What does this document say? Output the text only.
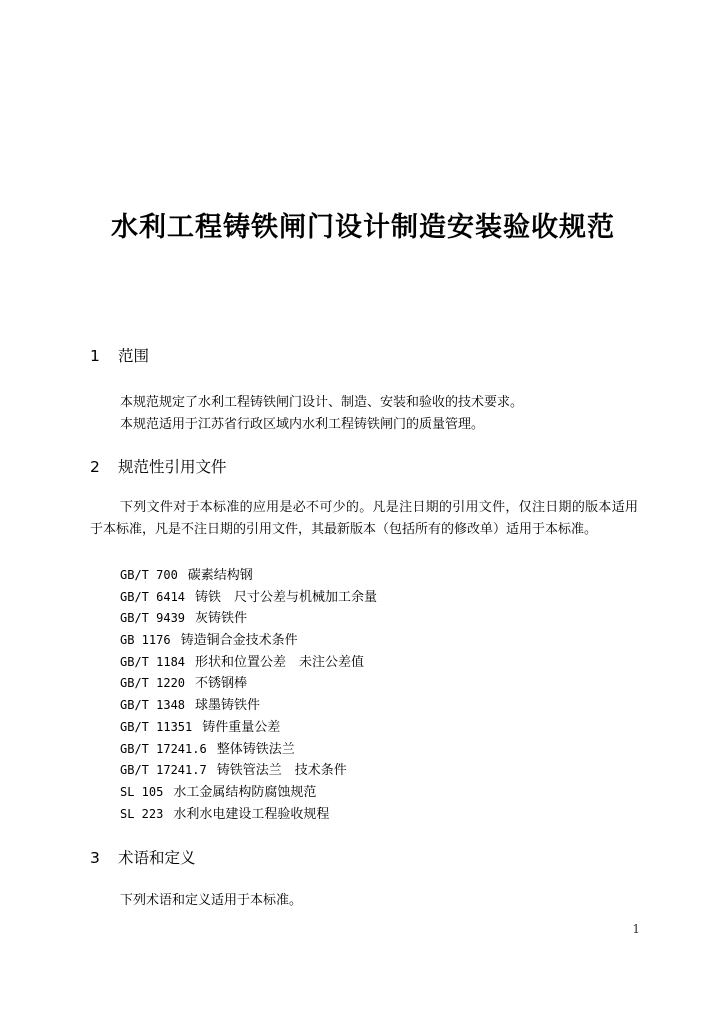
水利工程铸铁闸门设计制造安装验收规范
1 范围
本规范规定了水利工程铸铁闸门设计、制造、安装和验收的技术要求。
本规范适用于江苏省行政区域内水利工程铸铁闸门的质量管理。
2 规范性引用文件
下列文件对于本标准的应用是必不可少的。凡是注日期的引用文件，仅注日期的版本适用于本标准，凡是不注日期的引用文件，其最新版本（包括所有的修改单）适用于本标准。
GB/T 700 碳素结构钢
GB/T 6414 铸铁　尺寸公差与机械加工余量
GB/T 9439 灰铸铁件
GB 1176 铸造铜合金技术条件
GB/T 1184 形状和位置公差　未注公差值
GB/T 1220 不锈钢棒
GB/T 1348 球墨铸铁件
GB/T 11351 铸件重量公差
GB/T 17241.6 整体铸铁法兰
GB/T 17241.7 铸铁管法兰　技术条件
SL 105 水工金属结构防腐蚀规范
SL 223 水利水电建设工程验收规程
3 术语和定义
下列术语和定义适用于本标准。
1
